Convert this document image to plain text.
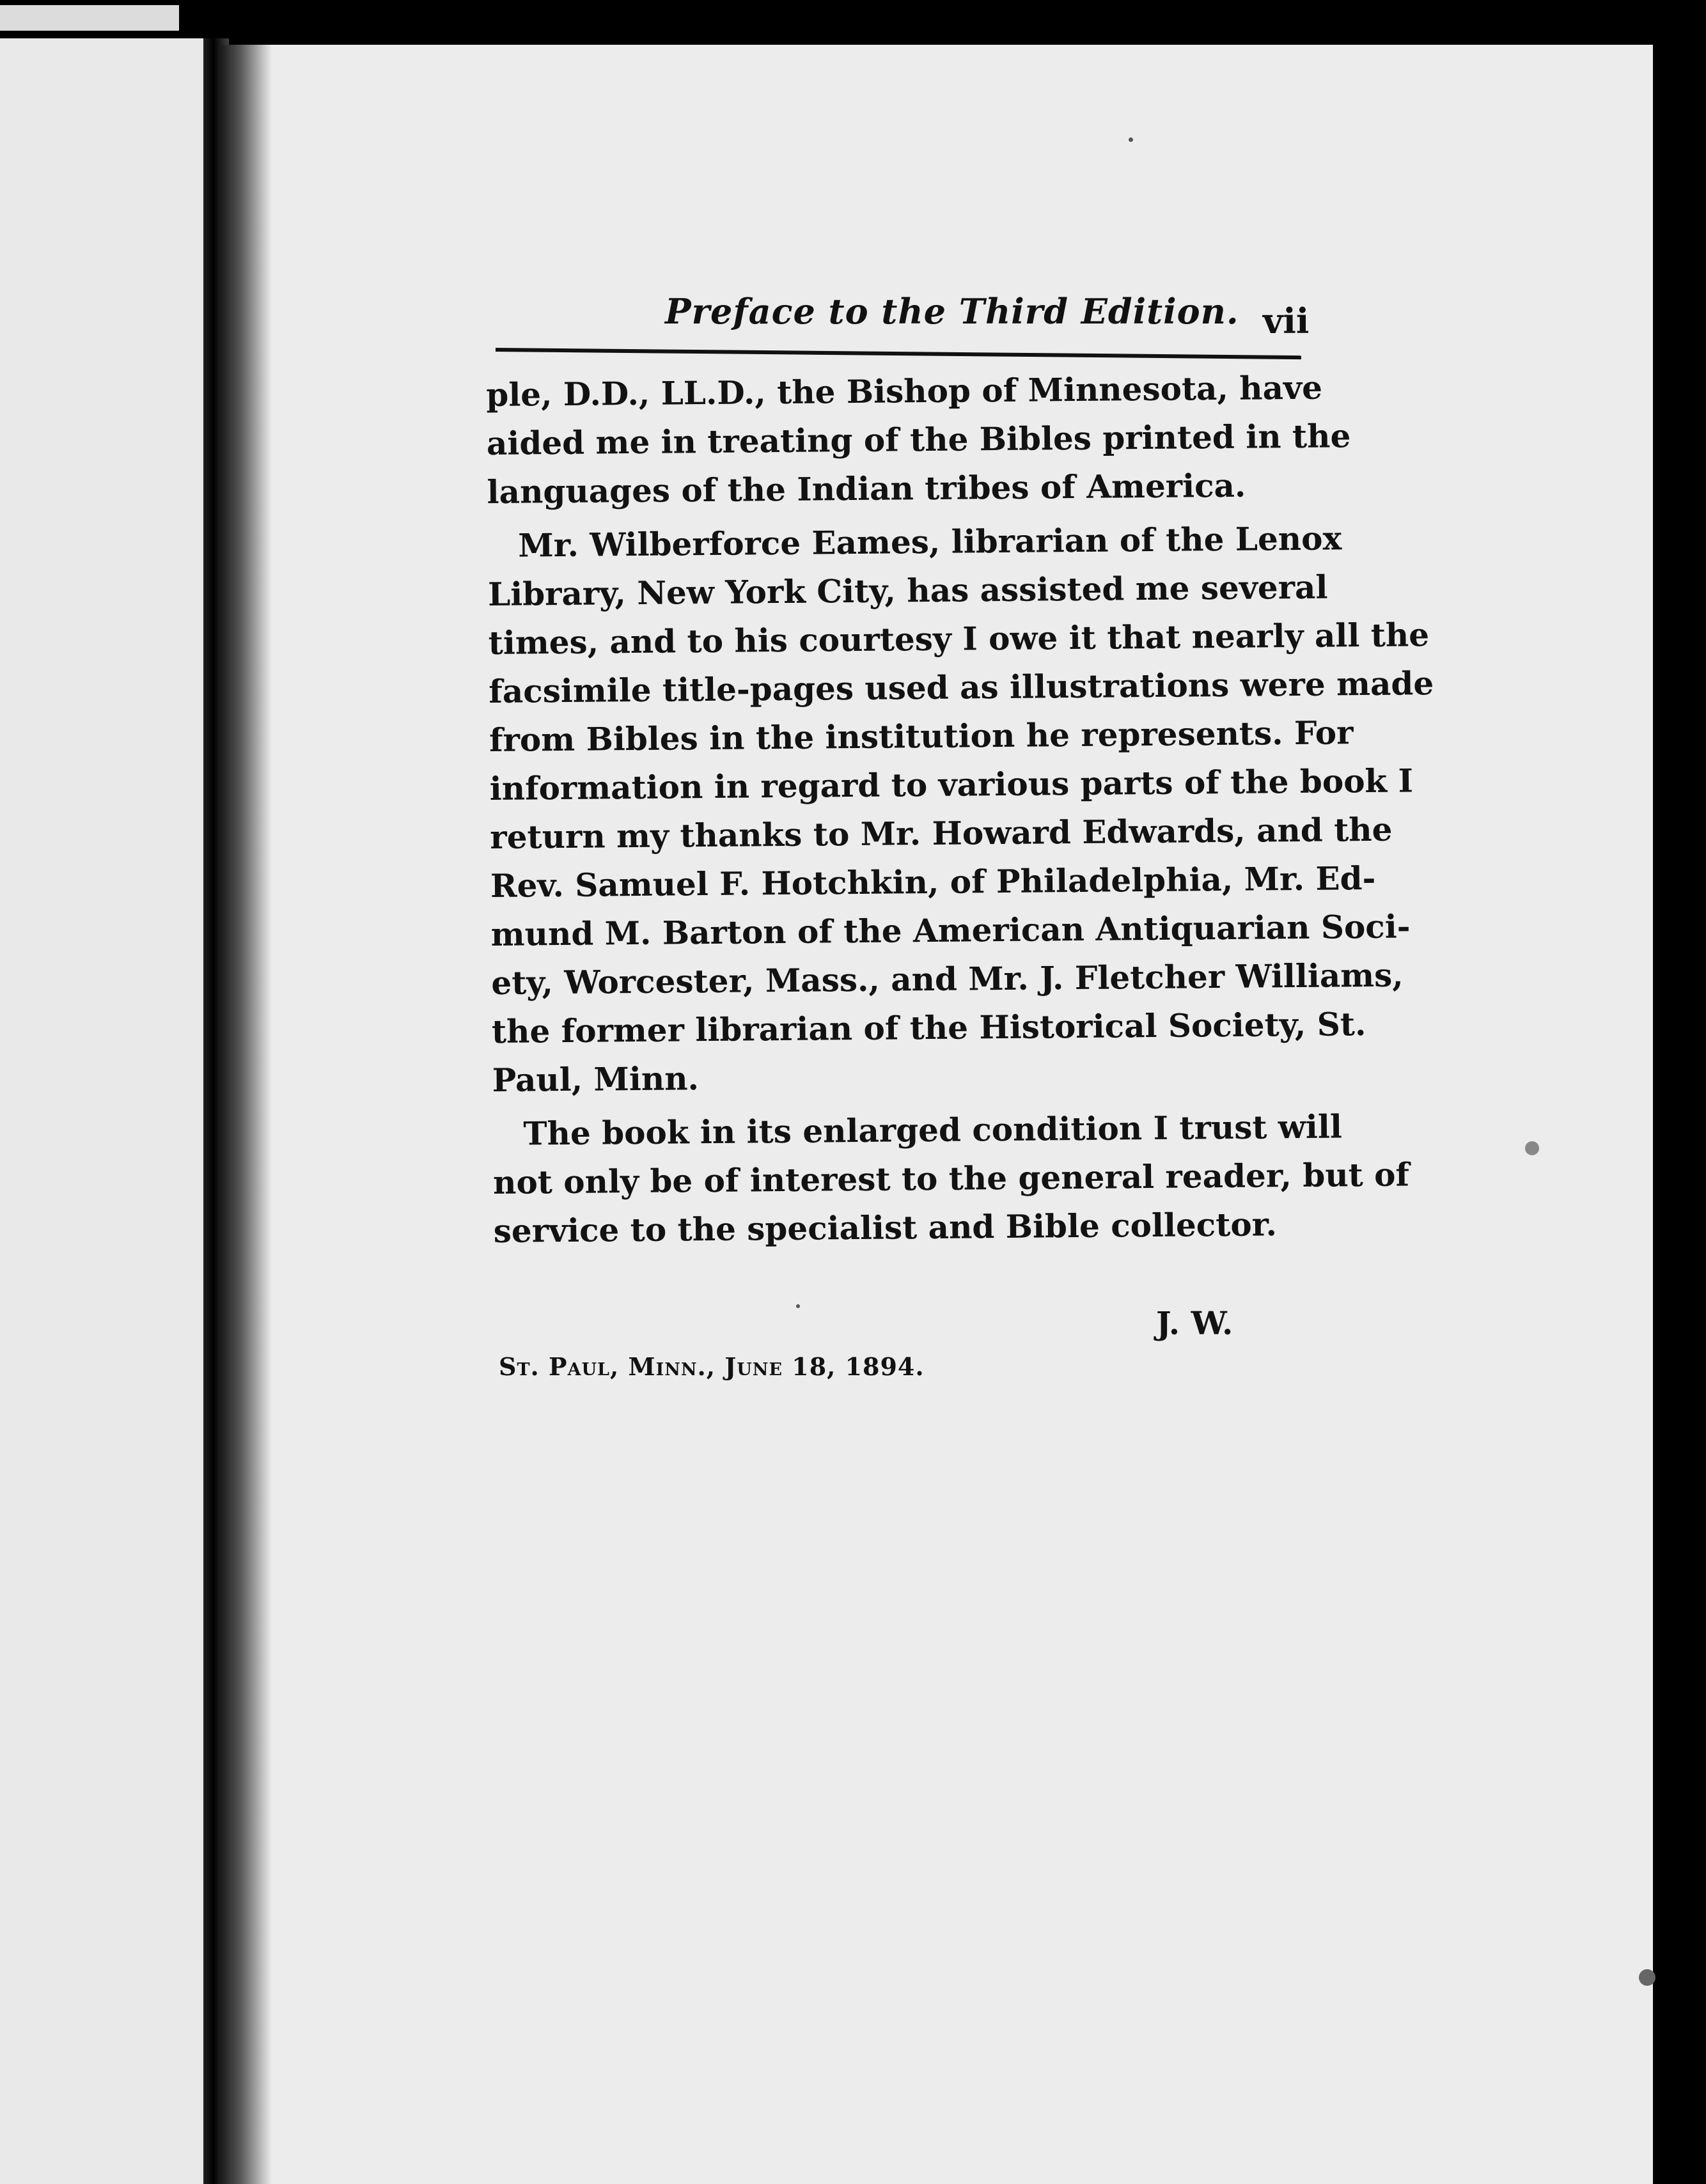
Preface to the Third Edition. vii
ple, D.D., LL.D., the Bishop of Minnesota, have
aided me in treating of the Bibles printed in the
languages of the Indian tribes of America.
Mr. Wilberforce Eames, librarian of the Lenox
Library, New York City, has assisted me several
times, and to his courtesy I owe it that nearly all the
facsimile title-pages used as illustrations were made
from Bibles in the institution he represents. For
information in regard to various parts of the book I
return my thanks to Mr. Howard Edwards, and the
Rev. Samuel F. Hotchkin, of Philadelphia, Mr. Ed-
mund M. Barton of the American Antiquarian Soci-
ety, Worcester, Mass., and Mr. J. Fletcher Williams,
the former librarian of the Historical Society, St.
Paul, Minn.
The book in its enlarged condition I trust will
not only be of interest to the general reader, but of
service to the specialist and Bible collector.
J. W.
St. Paul, Minn., June 18, 1894.
